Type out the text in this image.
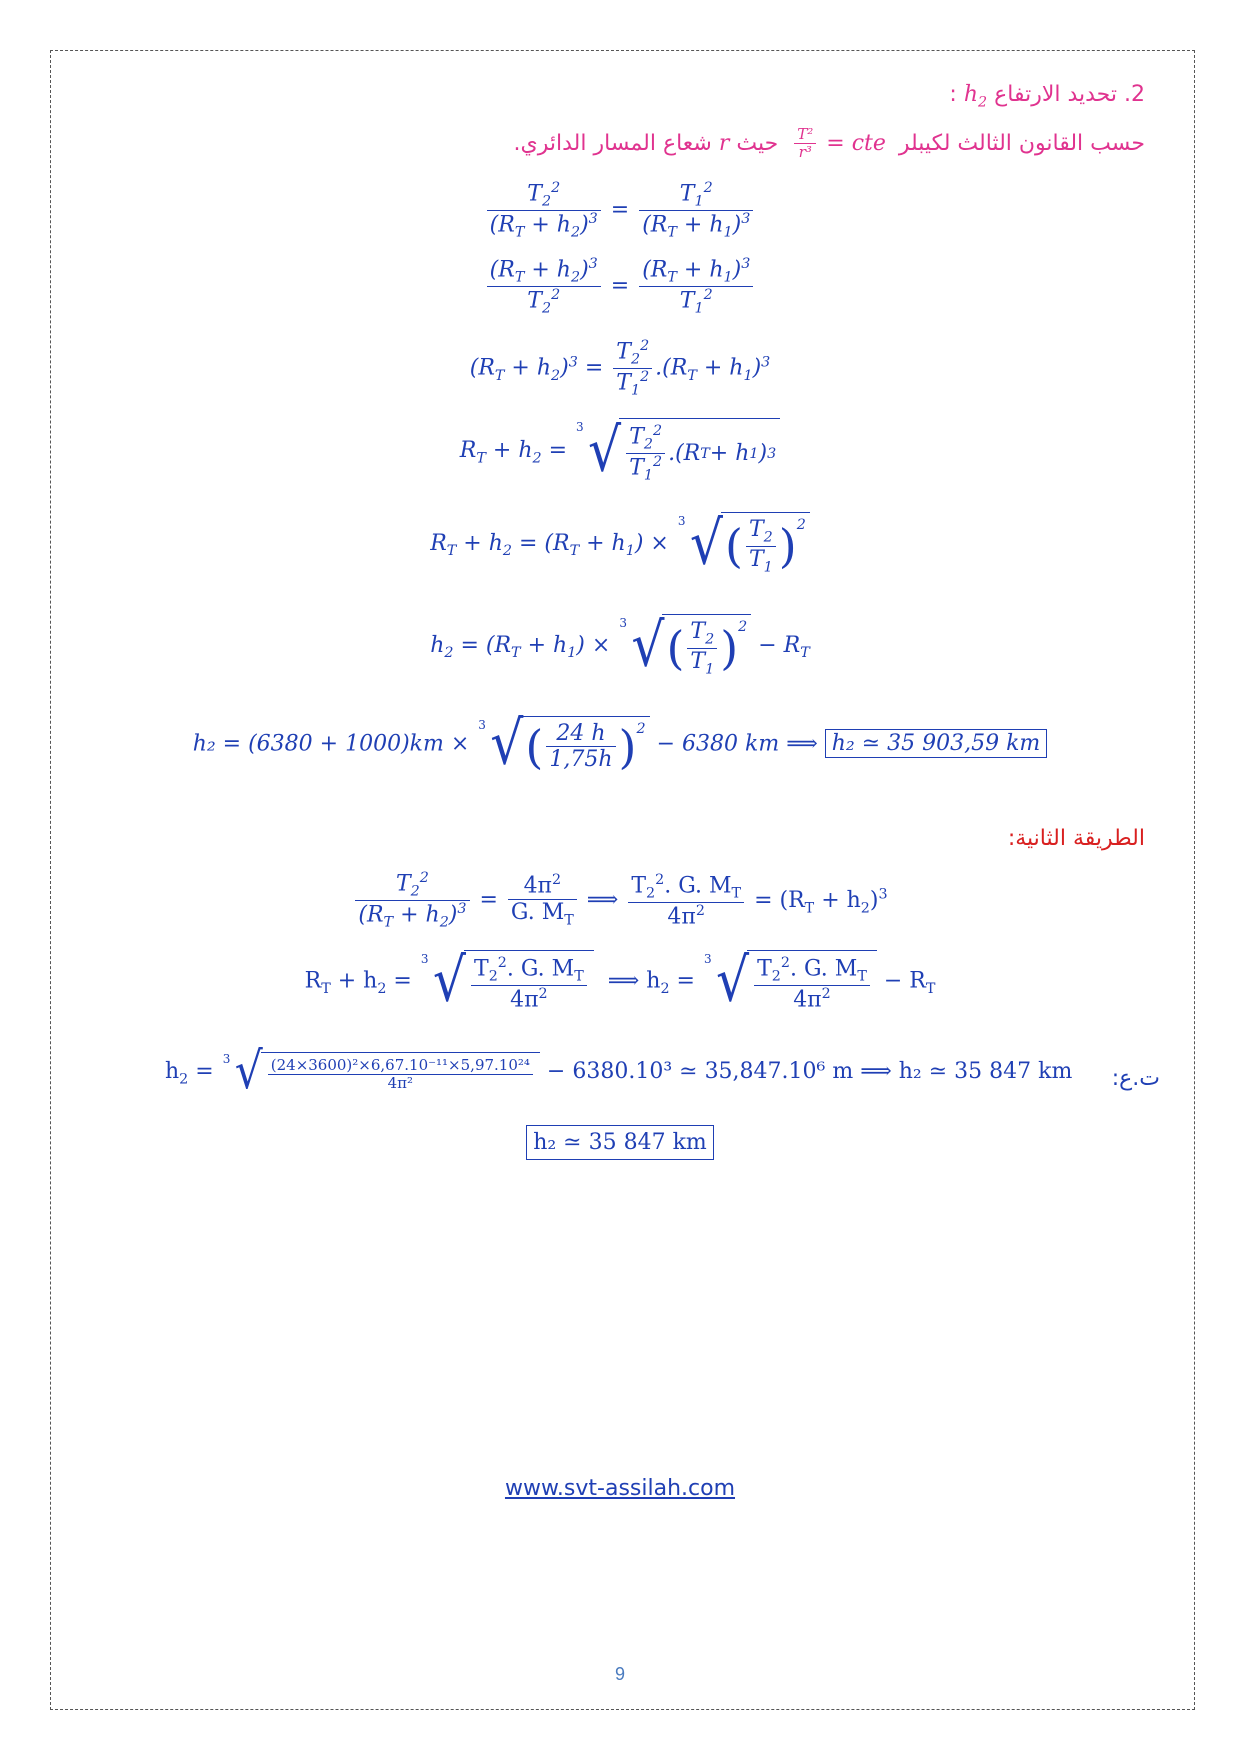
2. تحديد الارتفاع $h_2$ :
حسب القانون الثالث لكيبلر
$\frac{\text{T²}}{\text{r³}}$ = cte حيث r شعاع المسار الدائري.
$\frac{T_2^2}{(R_T + h_2)^3} = \frac{T_1^2}{(R_T + h_1)^3}$
$\frac{(R_T + h_2)^3}{T_2^2} = \frac{(R_T + h_1)^3}{T_1^2}$
$(R_T + h_2)^3 = \frac{T_2^2}{T_1^2} .(R_T + h_1)^3$
$R_T + h_2$ =
3 √ $\frac{T_2^2}{T_1^2} .(R$ T + h 1 ) 3
$R_T + h_2 = (R_T + h_1)$ ×
3 √ ( $\frac{T_2}{T_1} )^2$
$h_2 = (R_T + h_1)$ ×
3 √ ( $\frac{T_2}{T_1} )^2$
− $R_T$
h₂ = (6380 + 1000)km ×
3 √ ( $\frac{24 h}{1,75h} )^2$
− 6380 km ⟹ h₂ ≃ 35 903,59 km
الطريقة الثانية:
$\frac{T_2^2}{(R_T + h_2)^3} = \frac{4\pi^2}{G. M_T}$ ⟹ $\frac{T_2^2. G. M_T}{4\pi^2} = (R_T + h_2)^3$
$R_T + h_2$ =
3 √ $\frac{T_2^2. G. M_T}{4\pi^2}$ ⟹ $h_2$ =
3 √ $\frac{T_2^2. G. M_T}{4\pi^2} - R_T$
ت.ع:
$h_2 = 3$ √ $\frac{\text{(24×3600)²×6,67.10⁻¹¹×5,97.10²⁴}}{\text{4π²}} - 6380.10^3$ ≃ 35,847.10⁶ m ⟹ h₂ ≃ 35 847 km
h₂ ≃ 35 847 km
www.svt-assilah.com
9
